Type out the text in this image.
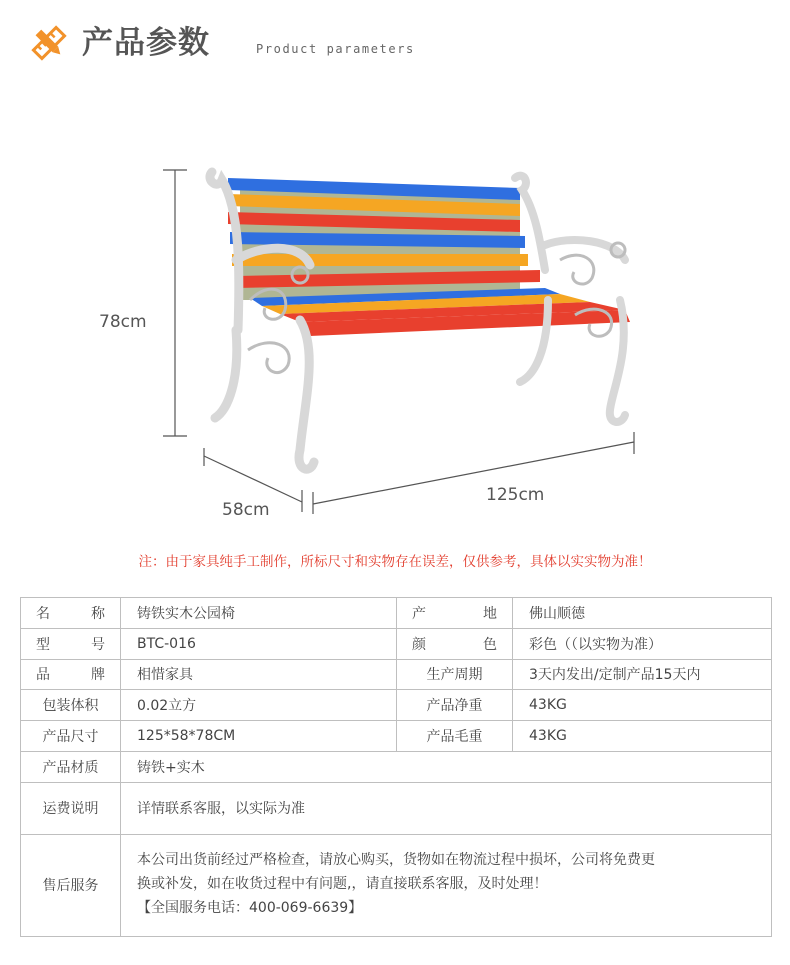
产品参数	Product parameters
78cm
58cm
125cm
注：由于家具纯手工制作，所标尺寸和实物存在误差，仅供参考，具体以实实物为准！
名 称	铸铁实木公园椅	产 地	佛山顺德
型 号	BTC-016	颜 色	彩色（（以实物为准）
品 牌	相惜家具	生产周期	3天内发出/定制产品15天内
包装体积	0.02立方	产品净重	43KG
产品尺寸	125*58*78CM	产品毛重	43KG
产品材质	铸铁+实木		
运费说明	详情联系客服，以实际为准		
售后服务	本公司出货前经过严格检查，请放心购买，货物如在物流过程中损坏，公司将免费更
换或补发，如在收货过程中有问题,，请直接联系客服，及时处理！
【全国服务电话：400-069-6639】		
